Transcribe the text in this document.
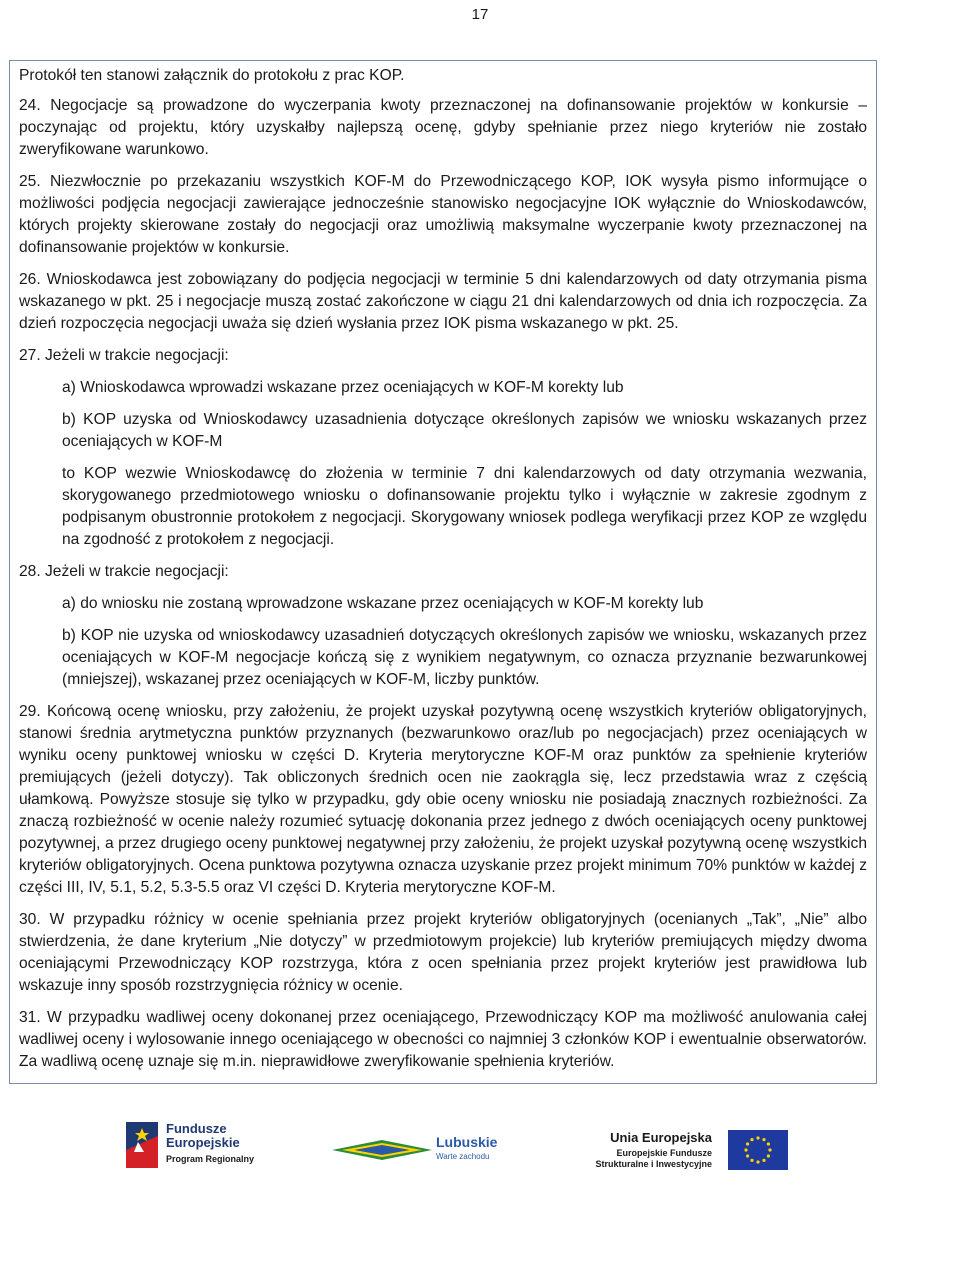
17

Protokół ten stanowi załącznik do protokołu z prac KOP.

24. Negocjacje są prowadzone do wyczerpania kwoty przeznaczonej na dofinansowanie projektów w konkursie – poczynając od projektu, który uzyskałby najlepszą ocenę, gdyby spełnianie przez niego kryteriów nie zostało zweryfikowane warunkowo.

25. Niezwłocznie po przekazaniu wszystkich KOF-M do Przewodniczącego KOP, IOK wysyła pismo informujące o możliwości podjęcia negocjacji zawierające jednocześnie stanowisko negocjacyjne IOK wyłącznie do Wnioskodawców, których projekty skierowane zostały do negocjacji oraz umożliwią maksymalne wyczerpanie kwoty przeznaczonej na dofinansowanie projektów w konkursie.

26. Wnioskodawca jest zobowiązany do podjęcia negocjacji w terminie 5 dni kalendarzowych od daty otrzymania pisma wskazanego w pkt. 25 i negocjacje muszą zostać zakończone w ciągu 21 dni kalendarzowych od dnia ich rozpoczęcia. Za dzień rozpoczęcia negocjacji uważa się dzień wysłania przez IOK pisma wskazanego w pkt. 25.

27. Jeżeli w trakcie negocjacji:

a) Wnioskodawca wprowadzi wskazane przez oceniających w KOF-M korekty lub

b) KOP uzyska od Wnioskodawcy uzasadnienia dotyczące określonych zapisów we wniosku wskazanych przez oceniających w KOF-M

to KOP wezwie Wnioskodawcę do złożenia w terminie 7 dni kalendarzowych od daty otrzymania wezwania, skorygowanego przedmiotowego wniosku o dofinansowanie projektu tylko i wyłącznie w zakresie zgodnym z podpisanym obustronnie protokołem z negocjacji. Skorygowany wniosek podlega weryfikacji przez KOP ze względu na zgodność z protokołem z negocjacji.

28. Jeżeli w trakcie negocjacji:

a) do wniosku nie zostaną wprowadzone wskazane przez oceniających w KOF-M korekty lub

b) KOP nie uzyska od wnioskodawcy uzasadnień dotyczących określonych zapisów we wniosku, wskazanych przez oceniających w KOF-M negocjacje kończą się z wynikiem negatywnym, co oznacza przyznanie bezwarunkowej (mniejszej), wskazanej przez oceniających w KOF-M, liczby punktów.

29. Końcową ocenę wniosku, przy założeniu, że projekt uzyskał pozytywną ocenę wszystkich kryteriów obligatoryjnych, stanowi średnia arytmetyczna punktów przyznanych (bezwarunkowo oraz/lub po negocjacjach) przez oceniających w wyniku oceny punktowej wniosku w części D. Kryteria merytoryczne KOF-M oraz punktów za spełnienie kryteriów premiujących (jeżeli dotyczy). Tak obliczonych średnich ocen nie zaokrągla się, lecz przedstawia wraz z częścią ułamkową. Powyższe stosuje się tylko w przypadku, gdy obie oceny wniosku nie posiadają znacznych rozbieżności. Za znaczą rozbieżność w ocenie należy rozumieć sytuację dokonania przez jednego z dwóch oceniających oceny punktowej pozytywnej, a przez drugiego oceny punktowej negatywnej przy założeniu, że projekt uzyskał pozytywną ocenę wszystkich kryteriów obligatoryjnych. Ocena punktowa pozytywna oznacza uzyskanie przez projekt minimum 70% punktów w każdej z części III, IV, 5.1, 5.2, 5.3-5.5 oraz VI części D. Kryteria merytoryczne KOF-M.

30. W przypadku różnicy w ocenie spełniania przez projekt kryteriów obligatoryjnych (ocenianych „Tak”, „Nie” albo stwierdzenia, że dane kryterium „Nie dotyczy” w przedmiotowym projekcie) lub kryteriów premiujących między dwoma oceniającymi Przewodniczący KOP rozstrzyga, która z ocen spełniania przez projekt kryteriów jest prawidłowa lub wskazuje inny sposób rozstrzygnięcia różnicy w ocenie.

31. W przypadku wadliwej oceny dokonanej przez oceniającego, Przewodniczący KOP ma możliwość anulowania całej wadliwej oceny i wylosowanie innego oceniającego w obecności co najmniej 3 członków KOP i ewentualnie obserwatorów. Za wadliwą ocenę uznaje się m.in. nieprawidłowe zweryfikowanie spełnienia kryteriów.

Fundusze
Europejskie
Program Regionalny
Lubuskie
Warte zachodu
Unia Europejska
Europejskie Fundusze
Strukturalne i Inwestycyjne
